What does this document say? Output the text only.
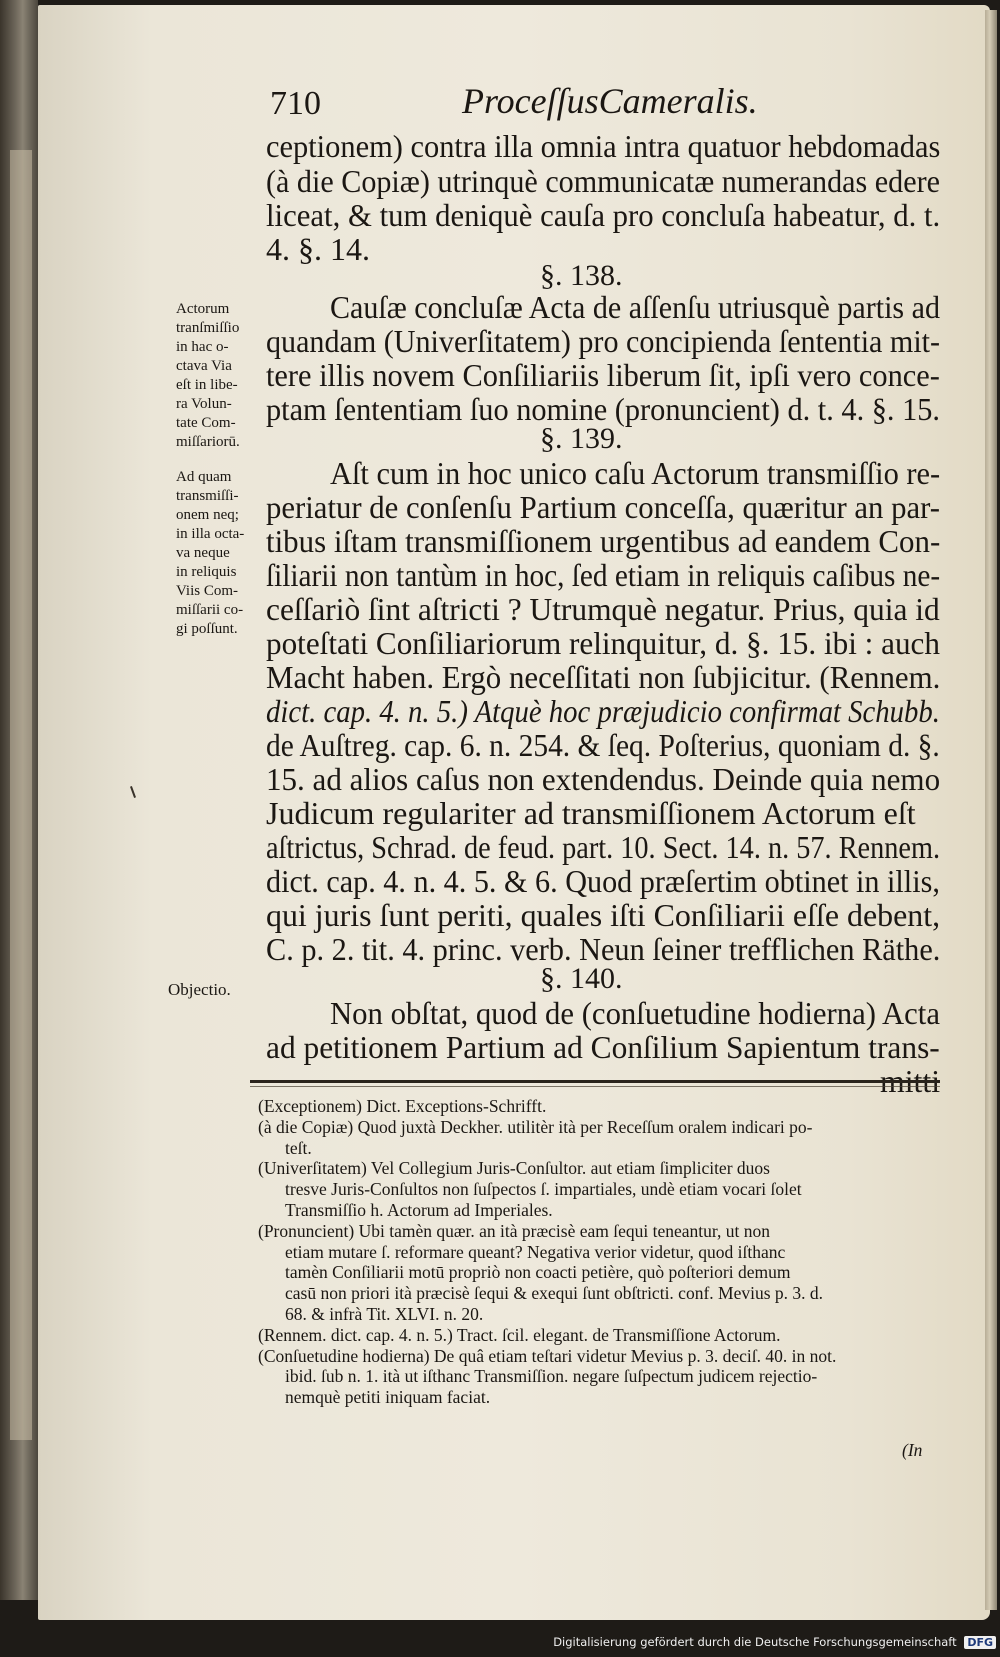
710	ProceſſusCameralis.
ceptionem) contra illa omnia intra quatuor hebdomadas
(à die Copiæ) utrinquè communicatæ numerandas edere
liceat, & tum deniquè cauſa pro concluſa habeatur, d. t.
4. §. 14.
§. 138.
Cauſæ concluſæ Acta de aſſenſu utriusquè partis ad
quandam (Univerſitatem) pro concipienda ſententia mit-
tere illis novem Conſiliariis liberum ſit, ipſi vero conce-
ptam ſententiam ſuo nomine (pronuncient) d. t. 4. §. 15.
§. 139.
Aſt cum in hoc unico caſu Actorum transmiſſio re-
periatur de conſenſu Partium conceſſa, quæritur an par-
tibus iſtam transmiſſionem urgentibus ad eandem Con-
ſiliarii non tantùm in hoc, ſed etiam in reliquis caſibus ne-
ceſſariò ſint aſtricti ? Utrumquè negatur. Prius, quia id
poteſtati Conſiliariorum relinquitur, d. §. 15. ibi : auch
Macht haben. Ergò neceſſitati non ſubjicitur. (Rennem.
dict. cap. 4. n. 5.) Atquè hoc præjudicio confirmat Schubb.
de Auſtreg. cap. 6. n. 254. & ſeq. Poſterius, quoniam d. §.
15. ad alios caſus non extendendus. Deinde quia nemo
Judicum regulariter ad transmiſſionem Actorum eſt
aſtrictus, Schrad. de feud. part. 10. Sect. 14. n. 57. Rennem.
dict. cap. 4. n. 4. 5. & 6. Quod præſertim obtinet in illis,
qui juris ſunt periti, quales iſti Conſiliarii eſſe debent,
C. p. 2. tit. 4. princ. verb. Neun ſeiner trefflichen Räthe.
§. 140.
Non obſtat, quod de (conſuetudine hodierna) Acta
ad petitionem Partium ad Conſilium Sapientum trans-
Actorum
tranſmiſſio
in hac o-
ctava Via
eſt in libe-
ra Volun-
tate Com-
miſſariorū.
Ad quam
transmiſſi-
onem neq;
in illa octa-
va neque
in reliquis
Viis Com-
miſſarii co-
gi poſſunt.
Objectio.
(Exceptionem) Dict. Exceptions-Schrifft.
(à die Copiæ) Quod juxtà Deckher. utilitèr ità per Receſſum oralem indicari po-
teſt.
(Univerſitatem) Vel Collegium Juris-Conſultor. aut etiam ſimpliciter duos
tresve Juris-Conſultos non ſuſpectos ſ. impartiales, undè etiam vocari ſolet
Transmiſſio h. Actorum ad Imperiales.
(Pronuncient) Ubi tamèn quær. an ità præcisè eam ſequi teneantur, ut non
etiam mutare ſ. reformare queant? Negativa verior videtur, quod iſthanc
tamèn Conſiliarii motū propriò non coacti petière, quò poſteriori demum
casū non priori ità præcisè ſequi & exequi ſunt obſtricti. conf. Mevius p. 3. d.
68. & infrà Tit. XLVI. n. 20.
(Rennem. dict. cap. 4. n. 5.) Tract. ſcil. elegant. de Transmiſſione Actorum.
(Conſuetudine hodierna) De quâ etiam teſtari videtur Mevius p. 3. deciſ. 40. in not.
ibid. ſub n. 1. ità ut iſthanc Transmiſſion. negare ſuſpectum judicem rejectio-
nemquè petiti iniquam faciat.
(In
Digitalisierung gefördert durch die Deutsche Forschungsgemeinschaft DFG
